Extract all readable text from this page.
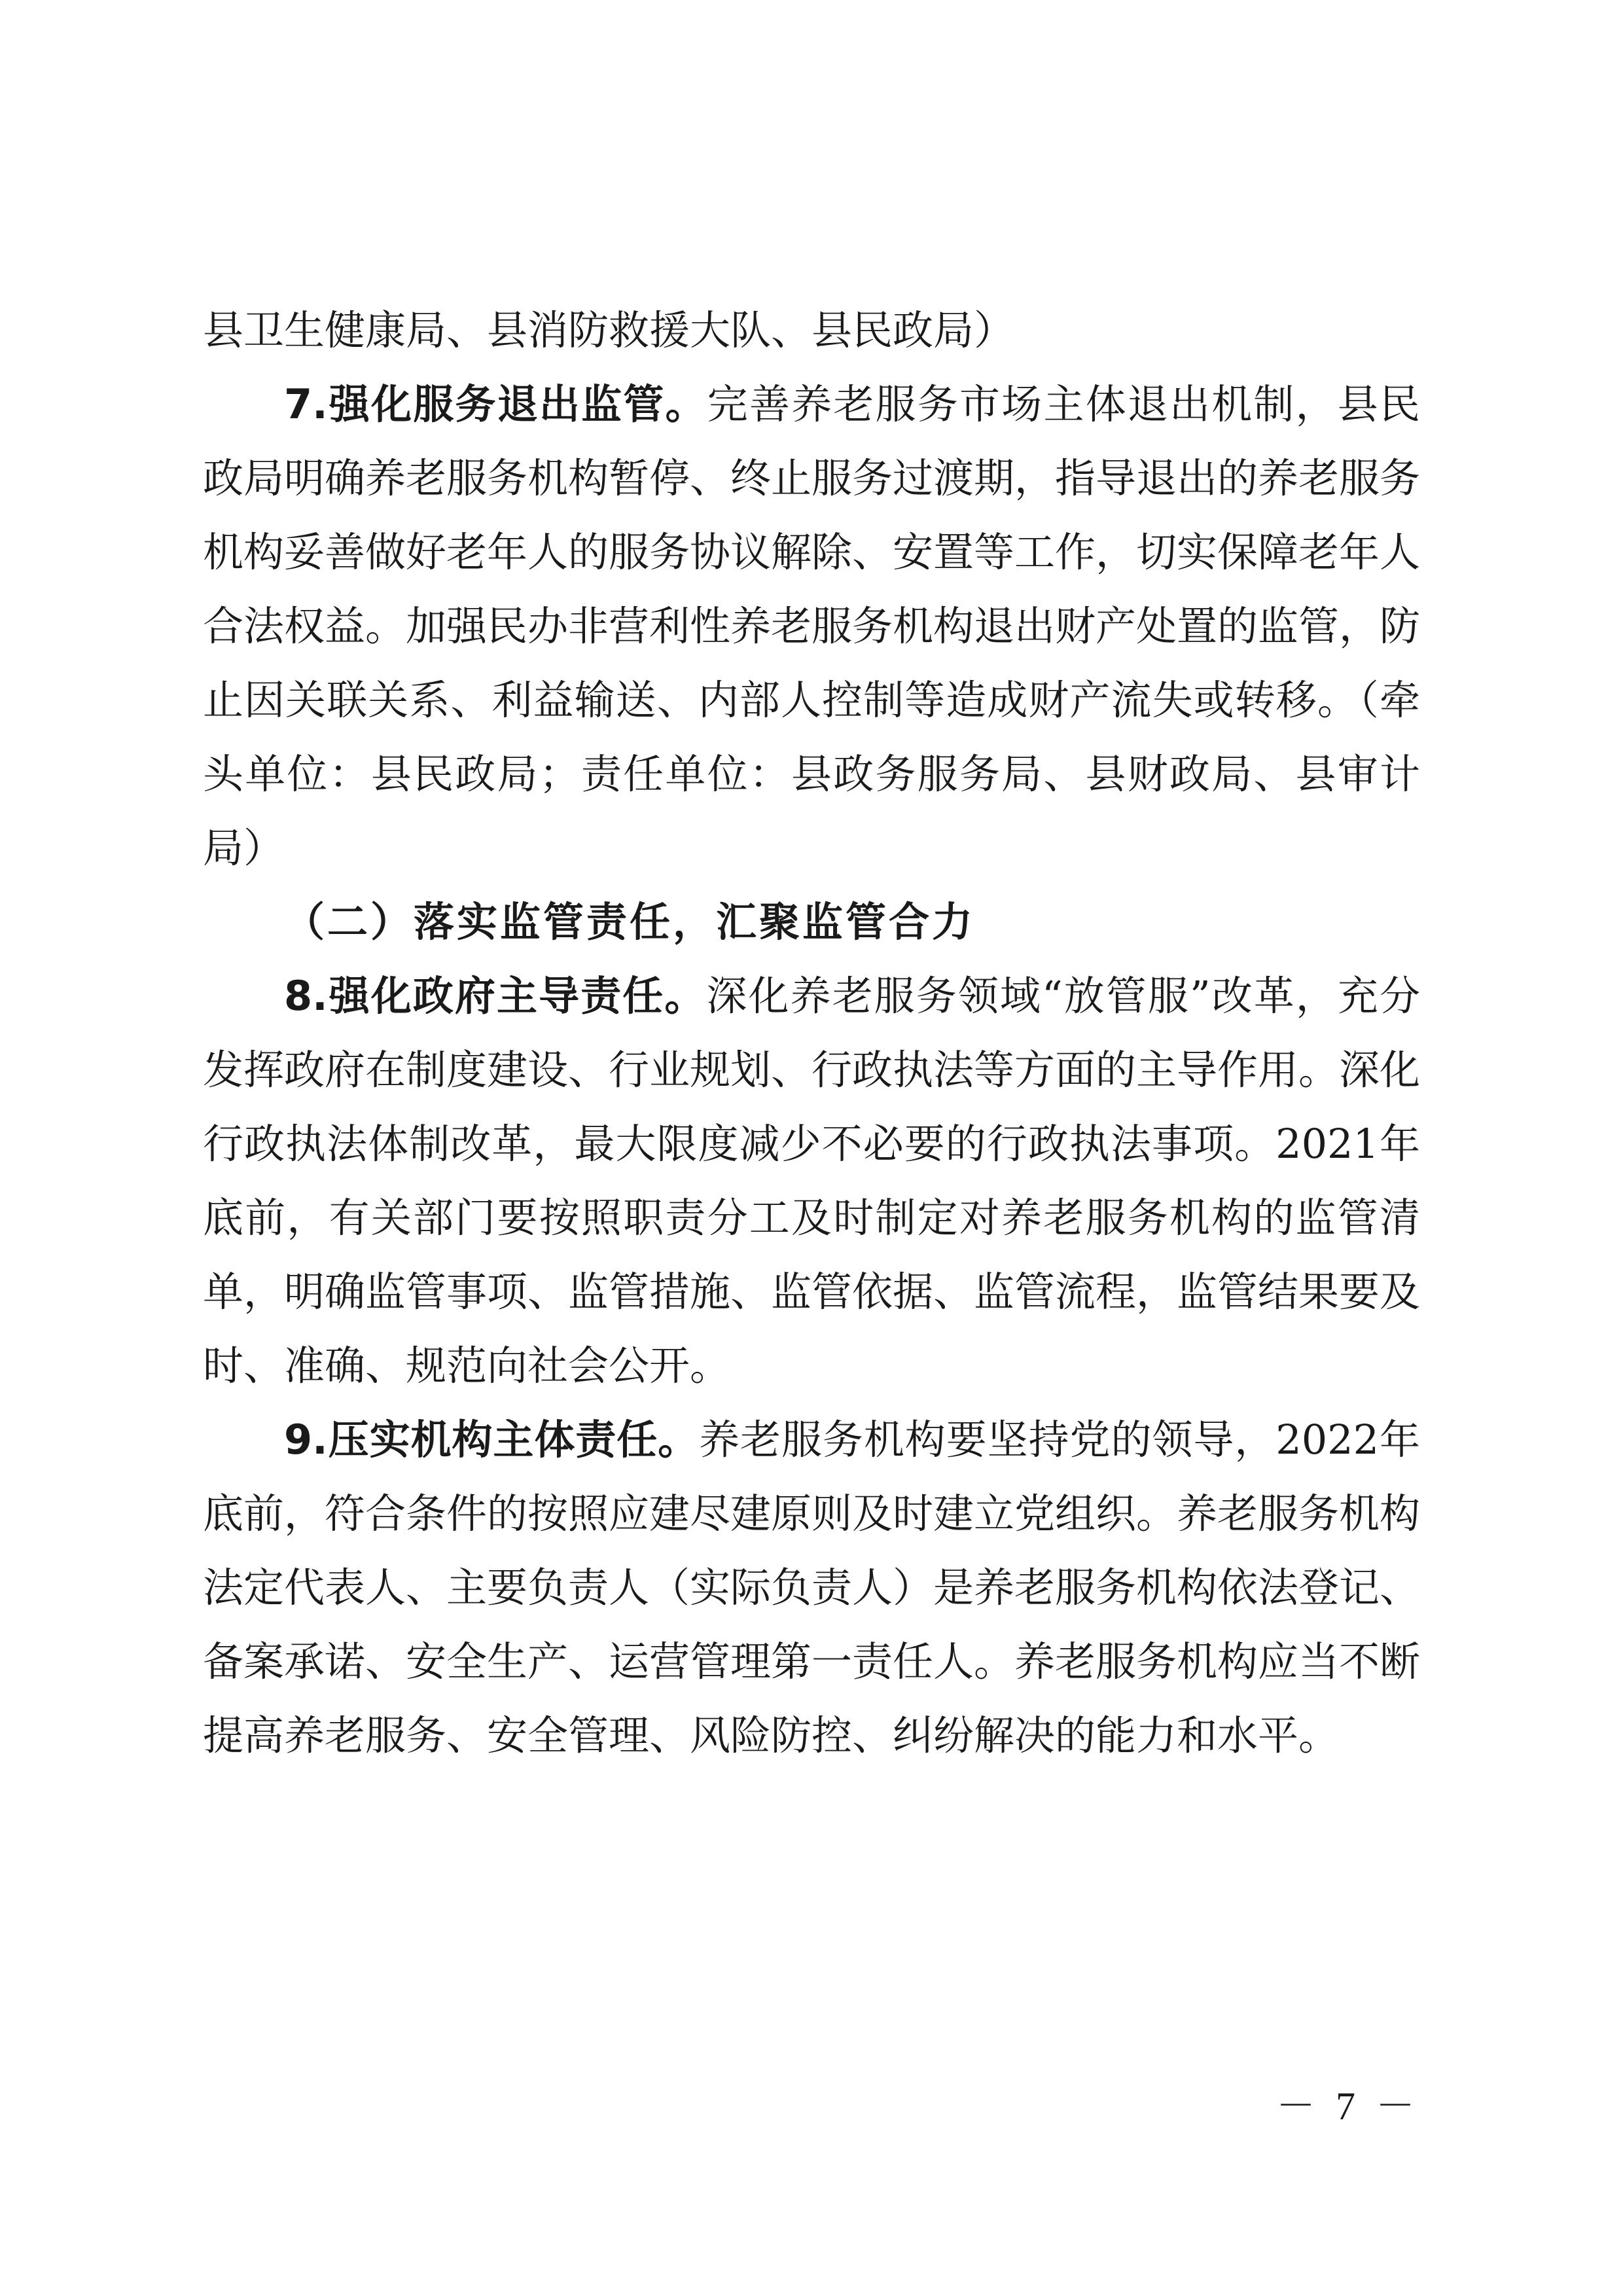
县卫生健康局、县消防救援大队、县民政局）

7.强化服务退出监管。完善养老服务市场主体退出机制，县民政局明确养老服务机构暂停、终止服务过渡期，指导退出的养老服务机构妥善做好老年人的服务协议解除、安置等工作，切实保障老年人合法权益。加强民办非营利性养老服务机构退出财产处置的监管，防止因关联关系、利益输送、内部人控制等造成财产流失或转移。（牵头单位：县民政局；责任单位：县政务服务局、县财政局、县审计局）

（二）落实监管责任，汇聚监管合力

8.强化政府主导责任。深化养老服务领域“放管服”改革，充分发挥政府在制度建设、行业规划、行政执法等方面的主导作用。深化行政执法体制改革，最大限度减少不必要的行政执法事项。2021年底前，有关部门要按照职责分工及时制定对养老服务机构的监管清单，明确监管事项、监管措施、监管依据、监管流程，监管结果要及时、准确、规范向社会公开。

9.压实机构主体责任。养老服务机构要坚持党的领导，2022年底前，符合条件的按照应建尽建原则及时建立党组织。养老服务机构法定代表人、主要负责人（实际负责人）是养老服务机构依法登记、备案承诺、安全生产、运营管理第一责任人。养老服务机构应当不断提高养老服务、安全管理、风险防控、纠纷解决的能力和水平。

－ 7 －
